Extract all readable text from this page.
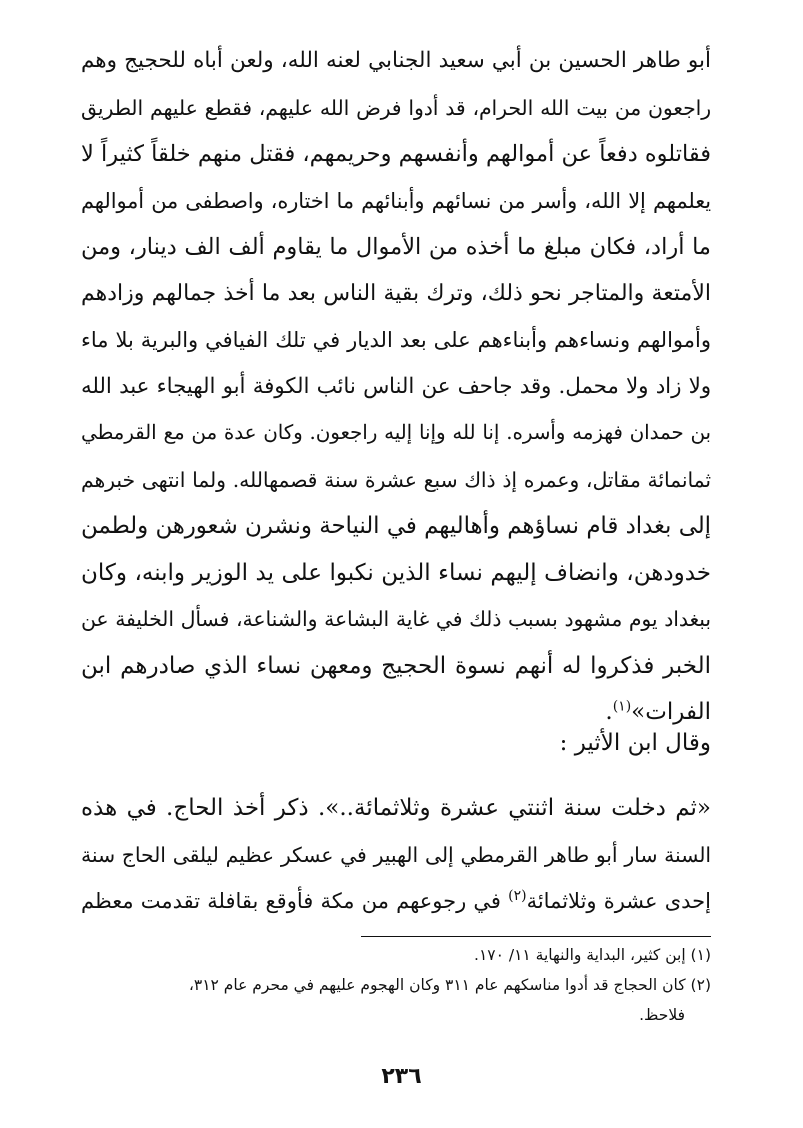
أبو طاهر الحسين بن أبي سعيد الجنابي لعنه الله، ولعن أباه للحجيج وهم
راجعون من بيت الله الحرام، قد أدوا فرض الله عليهم، فقطع عليهم الطريق
فقاتلوه دفعاً عن أموالهم وأنفسهم وحريمهم، فقتل منهم خلقاً كثيراً لا
يعلمهم إلا الله، وأسر من نسائهم وأبنائهم ما اختاره، واصطفى من أموالهم
ما أراد، فكان مبلغ ما أخذه من الأموال ما يقاوم ألف الف دينار، ومن
الأمتعة والمتاجر نحو ذلك، وترك بقية الناس بعد ما أخذ جمالهم وزادهم
وأموالهم ونساءهم وأبناءهم على بعد الديار في تلك الفيافي والبرية بلا ماء
ولا زاد ولا محمل. وقد جاحف عن الناس نائب الكوفة أبو الهيجاء عبد الله
بن حمدان فهزمه وأسره. إنا لله وإنا إليه راجعون. وكان عدة من مع القرمطي
ثمانمائة مقاتل، وعمره إذ ذاك سبع عشرة سنة قصمهالله. ولما انتهى خبرهم
إلى بغداد قام نساؤهم وأهاليهم في النياحة ونشرن شعورهن ولطمن
خدودهن، وانضاف إليهم نساء الذين نكبوا على يد الوزير وابنه، وكان
ببغداد يوم مشهود بسبب ذلك في غاية البشاعة والشناعة، فسأل الخليفة عن
الخبر فذكروا له أنهم نسوة الحجيج ومعهن نساء الذي صادرهم ابن
الفرات»$^{(١)}$.
وقال ابن الأثير :
«ثم دخلت سنة اثنتي عشرة وثلاثمائة..». ذكر أخذ الحاج. في هذه
السنة سار أبو طاهر القرمطي إلى الهبير في عسكر عظيم ليلقى الحاج سنة
إحدى عشرة وثلاثمائة$^{(٢)}$ في رجوعهم من مكة فأوقع بقافلة تقدمت معظم
(١) إبن كثير، البداية والنهاية ١١/ ١٧٠.
(٢) كان الحجاج قد أدوا مناسكهم عام ٣١١ وكان الهجوم عليهم في محرم عام ٣١٢،
فلاحظ.
٢٣٦
